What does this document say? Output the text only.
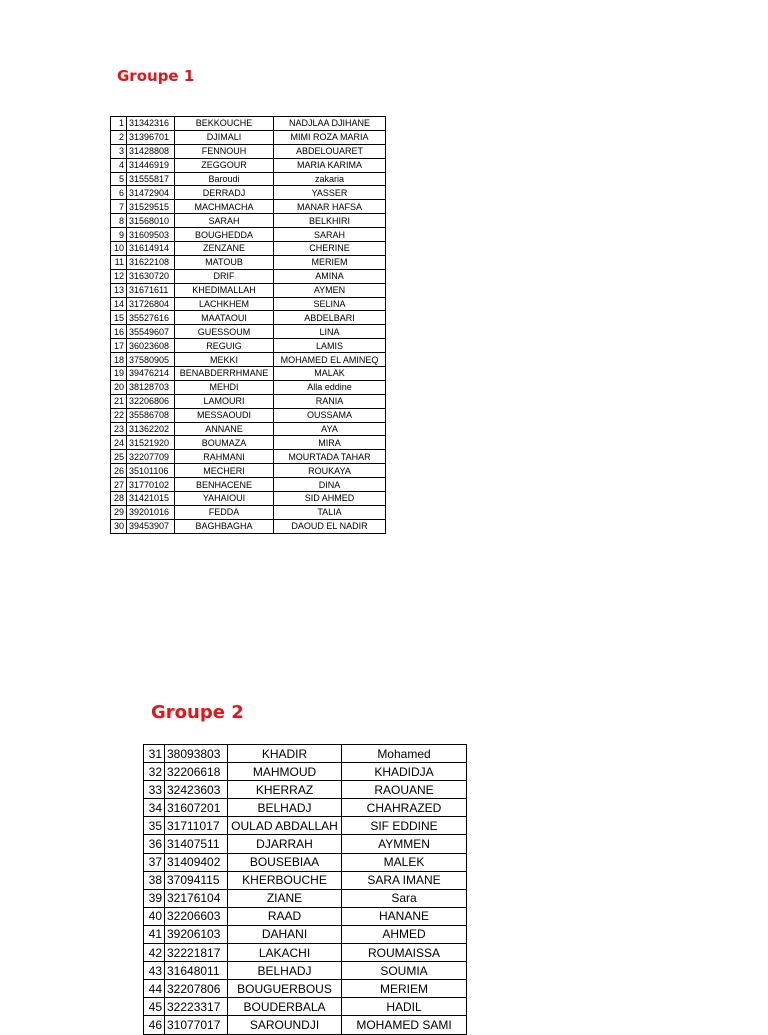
Groupe 1
1	31342316	BEKKOUCHE	NADJLAA DJIHANE
2	31396701	DJIMALI	MIMI ROZA MARIA
3	31428808	FENNOUH	ABDELOUARET
4	31446919	ZEGGOUR	MARIA KARIMA
5	31555817	Baroudi	zakaria
6	31472904	DERRADJ	YASSER
7	31529515	MACHMACHA	MANAR HAFSA
8	31568010	SARAH	BELKHIRI
9	31609503	BOUGHEDDA	SARAH
10	31614914	ZENZANE	CHERINE
11	31622108	MATOUB	MERIEM
12	31630720	DRIF	AMINA
13	31671611	KHEDIMALLAH	AYMEN
14	31726804	LACHKHEM	SELINA
15	35527616	MAATAOUI	ABDELBARI
16	35549607	GUESSOUM	LINA
17	36023608	REGUIG	LAMIS
18	37580905	MEKKI	MOHAMED EL AMINEQ
19	39476214	BENABDERRHMANE	MALAK
20	38128703	MEHDI	Alla eddine
21	32206806	LAMOURI	RANIA
22	35586708	MESSAOUDI	OUSSAMA
23	31362202	ANNANE	AYA
24	31521920	BOUMAZA	MIRA
25	32207709	RAHMANI	MOURTADA TAHAR
26	35101106	MECHERI	ROUKAYA
27	31770102	BENHACENE	DINA
28	31421015	YAHAIOUI	SID AHMED
29	39201016	FEDDA	TALIA
30	39453907	BAGHBAGHA	DAOUD EL NADIR
Groupe 2
31	38093803	KHADIR	Mohamed
32	32206618	MAHMOUD	KHADIDJA
33	32423603	KHERRAZ	RAOUANE
34	31607201	BELHADJ	CHAHRAZED
35	31711017	OULAD ABDALLAH	SIF EDDINE
36	31407511	DJARRAH	AYMMEN
37	31409402	BOUSEBIAA	MALEK
38	37094115	KHERBOUCHE	SARA IMANE
39	32176104	ZIANE	Sara
40	32206603	RAAD	HANANE
41	39206103	DAHANI	AHMED
42	32221817	LAKACHI	ROUMAISSA
43	31648011	BELHADJ	SOUMIA
44	32207806	BOUGUERBOUS	MERIEM
45	32223317	BOUDERBALA	HADIL
46	31077017	SAROUNDJI	MOHAMED SAMI
